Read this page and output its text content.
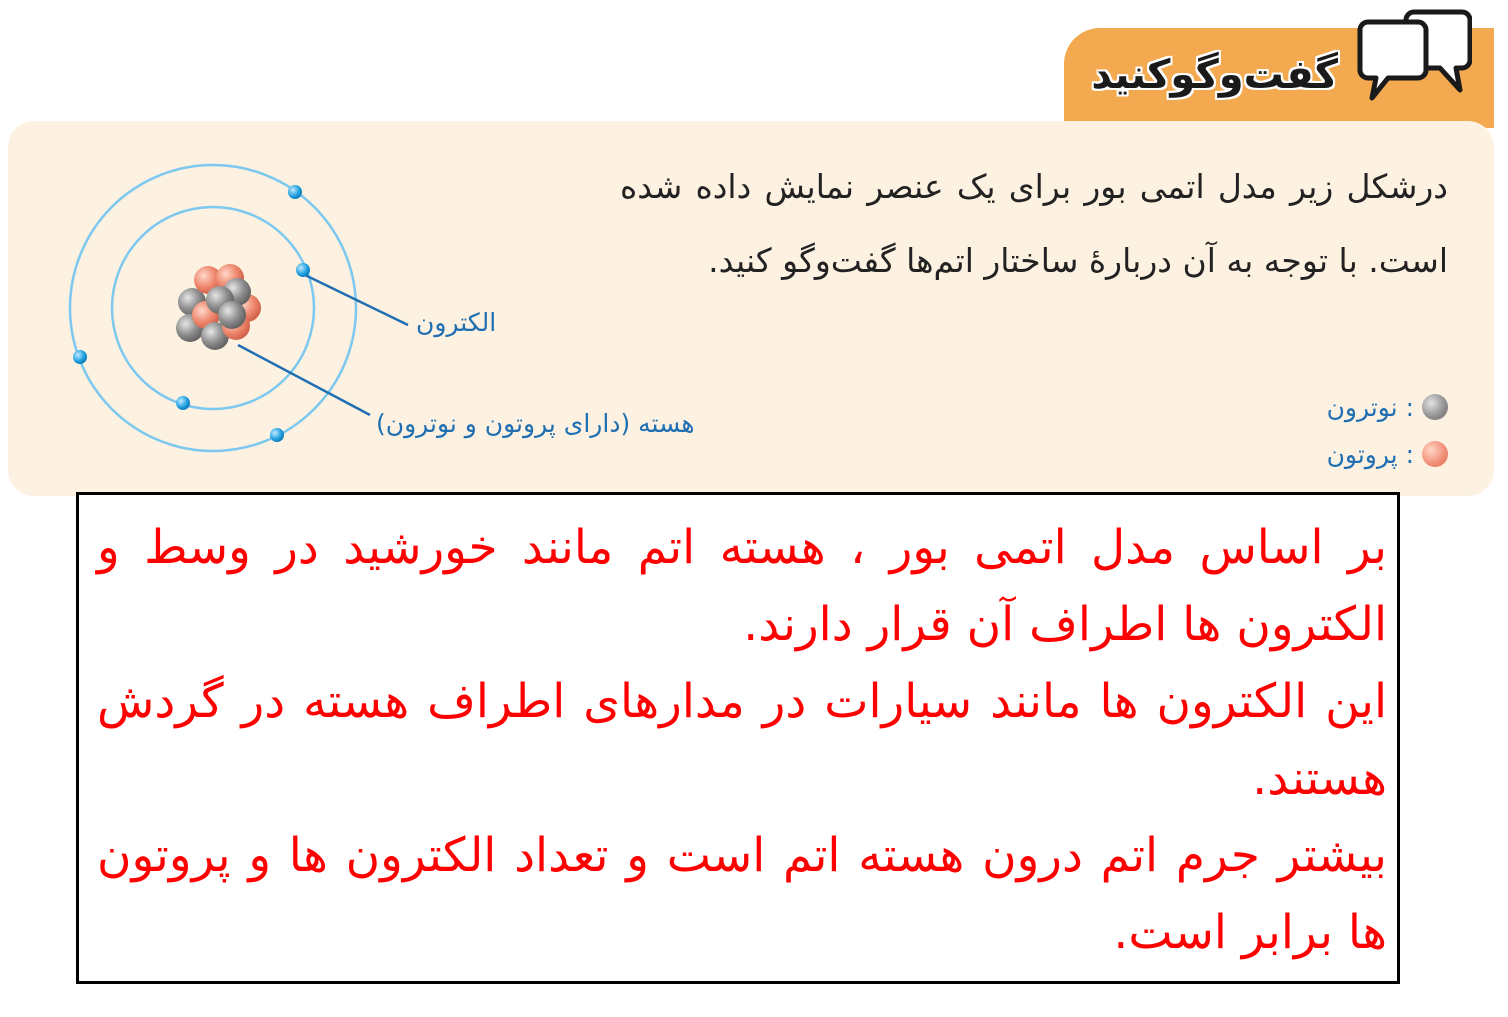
گفت‌وگوکنید
درشکل زیر مدل اتمی بور برای یک عنصر نمایش داده شده است. با توجه به آن دربارهٔ ساختار اتم‌ها گفت‌وگو کنید.
: نوترون
: پروتون
الکترون
هسته (دارای پروتون و نوترون)

بر اساس مدل اتمی بور ، هسته اتم مانند خورشید در وسط و الکترون ها اطراف آن قرار دارند.

این الکترون ها مانند سیارات در مدارهای اطراف هسته در گردش هستند.

بیشتر جرم اتم درون هسته اتم است و تعداد الکترون ها و پروتون ها برابر است.
